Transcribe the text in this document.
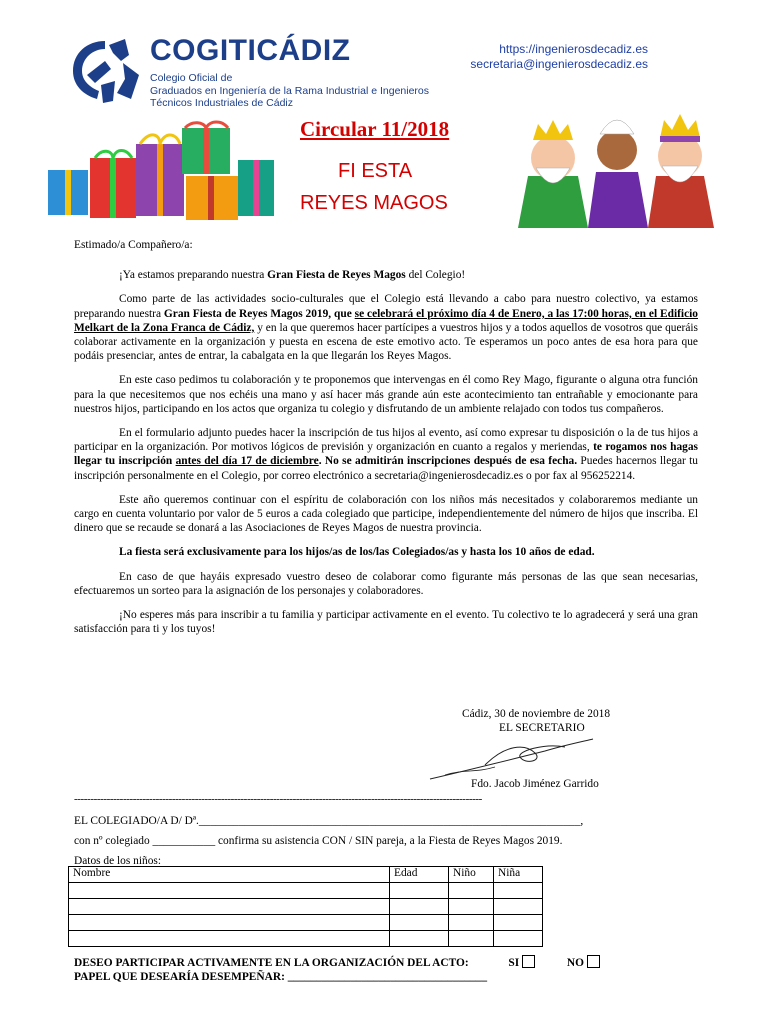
COGITICÁDIZ
Colegio Oficial de
Graduados en Ingeniería de la Rama Industrial e Ingenieros
Técnicos Industriales de Cádiz
https://ingenierosdecadiz.es
secretaria@ingenierosdecadiz.es
Circular 11/2018
FI ESTA
REYES MAGOS

Estimado/a Compañero/a:

¡Ya estamos preparando nuestra Gran Fiesta de Reyes Magos del Colegio!

Como parte de las actividades socio-culturales que el Colegio está llevando a cabo para nuestro colectivo, ya estamos preparando nuestra Gran Fiesta de Reyes Magos 2019, que se celebrará el próximo día 4 de Enero, a las 17:00 horas, en el Edificio Melkart de la Zona Franca de Cádiz, y en la que queremos hacer partícipes a vuestros hijos y a todos aquellos de vosotros que queráis colaborar activamente en la organización y puesta en escena de este emotivo acto. Te esperamos un poco antes de esa hora para que podáis presenciar, antes de entrar, la cabalgata en la que llegarán los Reyes Magos.

En este caso pedimos tu colaboración y te proponemos que intervengas en él como Rey Mago, figurante o alguna otra función para la que necesitemos que nos echéis una mano y así hacer más grande aún este acontecimiento tan entrañable y emocionante para nuestros hijos, participando en los actos que organiza tu colegio y disfrutando de un ambiente relajado con todos tus compañeros.

En el formulario adjunto puedes hacer la inscripción de tus hijos al evento, así como expresar tu disposición o la de tus hijos a participar en la organización. Por motivos lógicos de previsión y organización en cuanto a regalos y meriendas, te rogamos nos hagas llegar tu inscripción antes del día 17 de diciembre. No se admitirán inscripciones después de esa fecha. Puedes hacernos llegar tu inscripción personalmente en el Colegio, por correo electrónico a secretaria@ingenierosdecadiz.es o por fax al 956252214.

Este año queremos continuar con el espíritu de colaboración con los niños más necesitados y colaboraremos mediante un cargo en cuenta voluntario por valor de 5 euros a cada colegiado que participe, independientemente del número de hijos que inscriba. El dinero que se recaude se donará a las Asociaciones de Reyes Magos de nuestra provincia.

La fiesta será exclusivamente para los hijos/as de los/las Colegiados/as y hasta los 10 años de edad.

En caso de que hayáis expresado vuestro deseo de colaborar como figurante más personas de las que sean necesarias, efectuaremos un sorteo para la asignación de los personajes y colaboradores.

¡No esperes más para inscribir a tu familia y participar activamente en el evento. Tu colectivo te lo agradecerá y será una gran satisfacción para ti y los tuyos!

Cádiz, 30 de noviembre de 2018
EL SECRETARIO
Fdo. Jacob Jiménez Garrido
-----------------------------------------------------------------------------------------------------------------------------
EL COLEGIADO/A D/ Dª.___________________________________________________________________,
con nº colegiado ___________ confirma su asistencia CON / SIN pareja, a la Fiesta de Reyes Magos 2019.
Datos de los niños:
Nombre	Edad	Niño	Niña

DESEO PARTICIPAR ACTIVAMENTE EN LA ORGANIZACIÓN DEL ACTO:	SI	NO
PAPEL QUE DESEARÍA DESEMPEÑAR: ___________________________________
